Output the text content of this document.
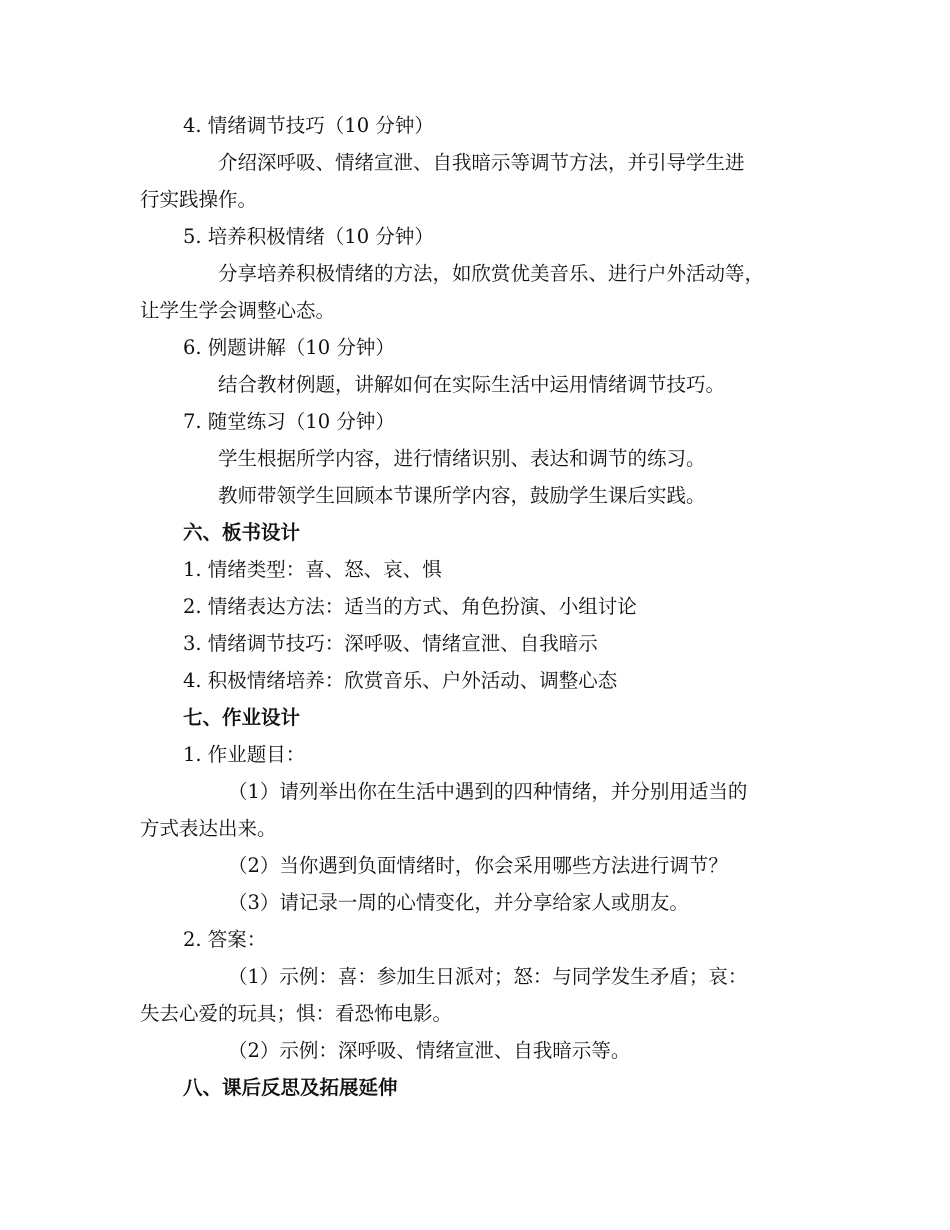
4. 情绪调节技巧（10 分钟）
介绍深呼吸、情绪宣泄、自我暗示等调节方法，并引导学生进
行实践操作。
5. 培养积极情绪（10 分钟）
分享培养积极情绪的方法，如欣赏优美音乐、进行户外活动等，
让学生学会调整心态。
6. 例题讲解（10 分钟）
结合教材例题，讲解如何在实际生活中运用情绪调节技巧。
7. 随堂练习（10 分钟）
学生根据所学内容，进行情绪识别、表达和调节的练习。
教师带领学生回顾本节课所学内容，鼓励学生课后实践。
六、板书设计
1. 情绪类型：喜、怒、哀、惧
2. 情绪表达方法：适当的方式、角色扮演、小组讨论
3. 情绪调节技巧：深呼吸、情绪宣泄、自我暗示
4. 积极情绪培养：欣赏音乐、户外活动、调整心态
七、作业设计
1. 作业题目：
（1）请列举出你在生活中遇到的四种情绪，并分别用适当的
方式表达出来。
（2）当你遇到负面情绪时，你会采用哪些方法进行调节？
（3）请记录一周的心情变化，并分享给家人或朋友。
2. 答案：
（1）示例：喜：参加生日派对；怒：与同学发生矛盾；哀：
失去心爱的玩具；惧：看恐怖电影。
（2）示例：深呼吸、情绪宣泄、自我暗示等。
八、课后反思及拓展延伸
